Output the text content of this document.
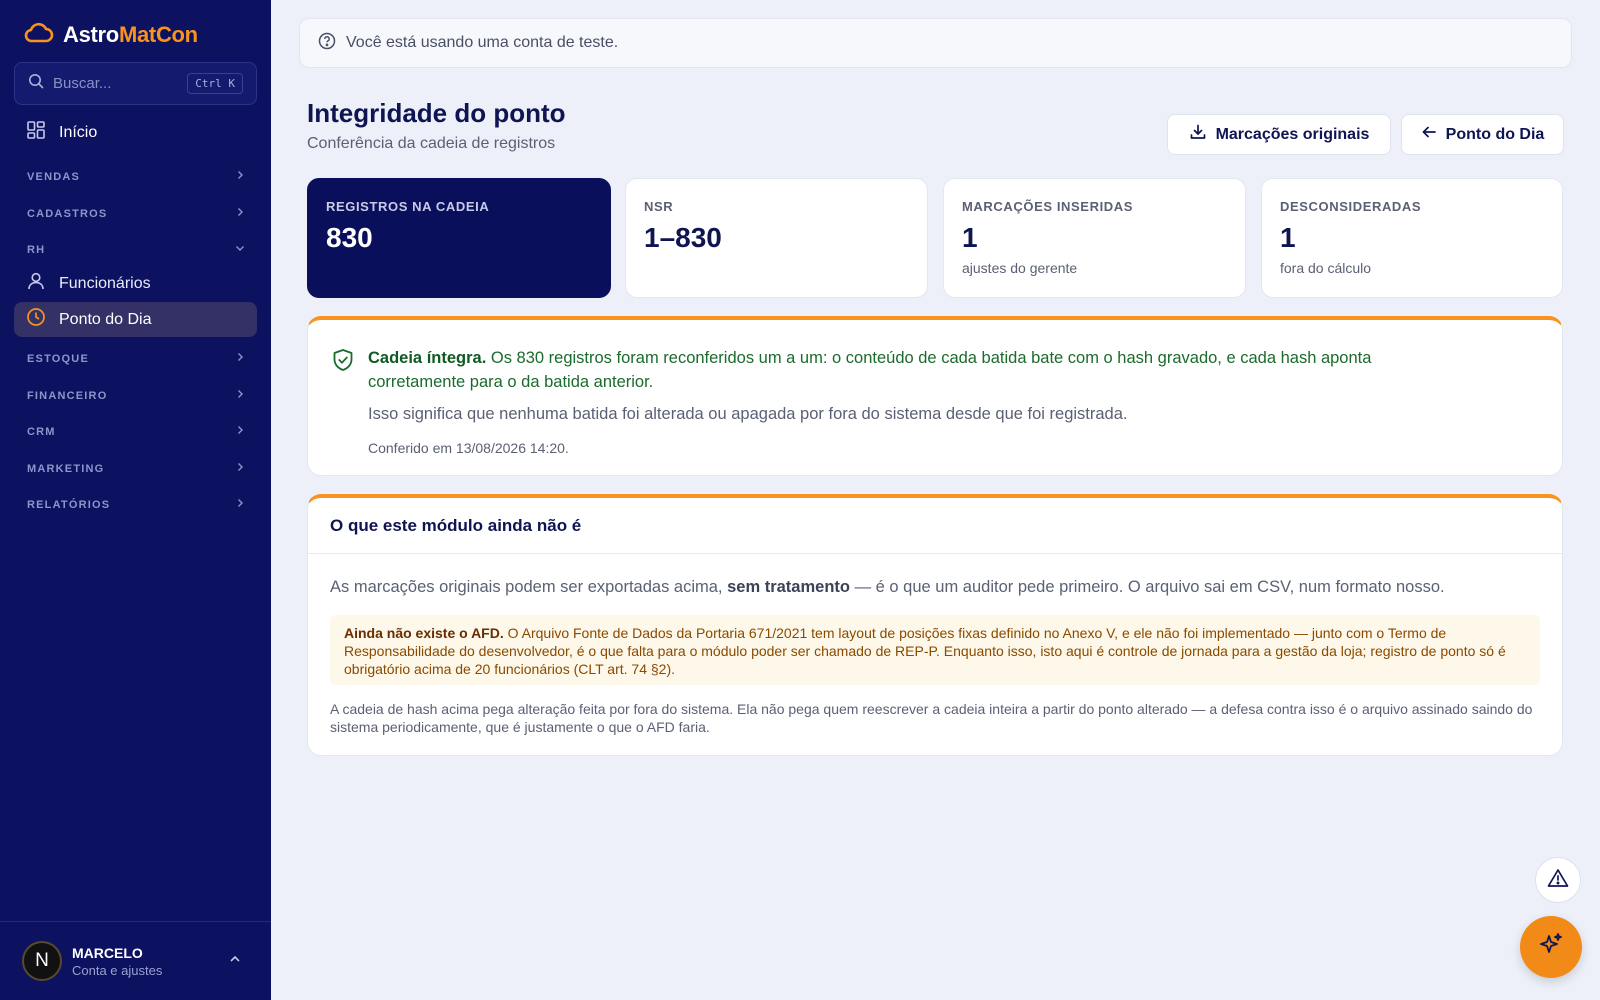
AstroMatCon
Buscar...	Ctrl K
Início
VENDAS
CADASTROS
RH
Funcionários
Ponto do Dia
ESTOQUE
FINANCEIRO
CRM
MARKETING
RELATÓRIOS
N	MARCELO
Conta e ajustes
Você está usando uma conta de teste.
Integridade do ponto
Conferência da cadeia de registros
Marcações originais	Ponto do Dia
REGISTROS NA CADEIA
830
NSR
1–830
MARCAÇÕES INSERIDAS
1
ajustes do gerente
DESCONSIDERADAS
1
fora do cálculo

Cadeia íntegra. Os 830 registros foram reconferidos um a um: o conteúdo de cada batida bate com o hash gravado, e cada hash aponta corretamente para o da batida anterior.

Isso significa que nenhuma batida foi alterada ou apagada por fora do sistema desde que foi registrada.

Conferido em 13/08/2026 14:20.

O que este módulo ainda não é

As marcações originais podem ser exportadas acima, sem tratamento — é o que um auditor pede primeiro. O arquivo sai em CSV, num formato nosso.

Ainda não existe o AFD. O Arquivo Fonte de Dados da Portaria 671/2021 tem layout de posições fixas definido no Anexo V, e ele não foi implementado — junto com o Termo de Responsabilidade do desenvolvedor, é o que falta para o módulo poder ser chamado de REP-P. Enquanto isso, isto aqui é controle de jornada para a gestão da loja; registro de ponto só é obrigatório acima de 20 funcionários (CLT art. 74 §2).

A cadeia de hash acima pega alteração feita por fora do sistema. Ela não pega quem reescrever a cadeia inteira a partir do ponto alterado — a defesa contra isso é o arquivo assinado saindo do sistema periodicamente, que é justamente o que o AFD faria.
